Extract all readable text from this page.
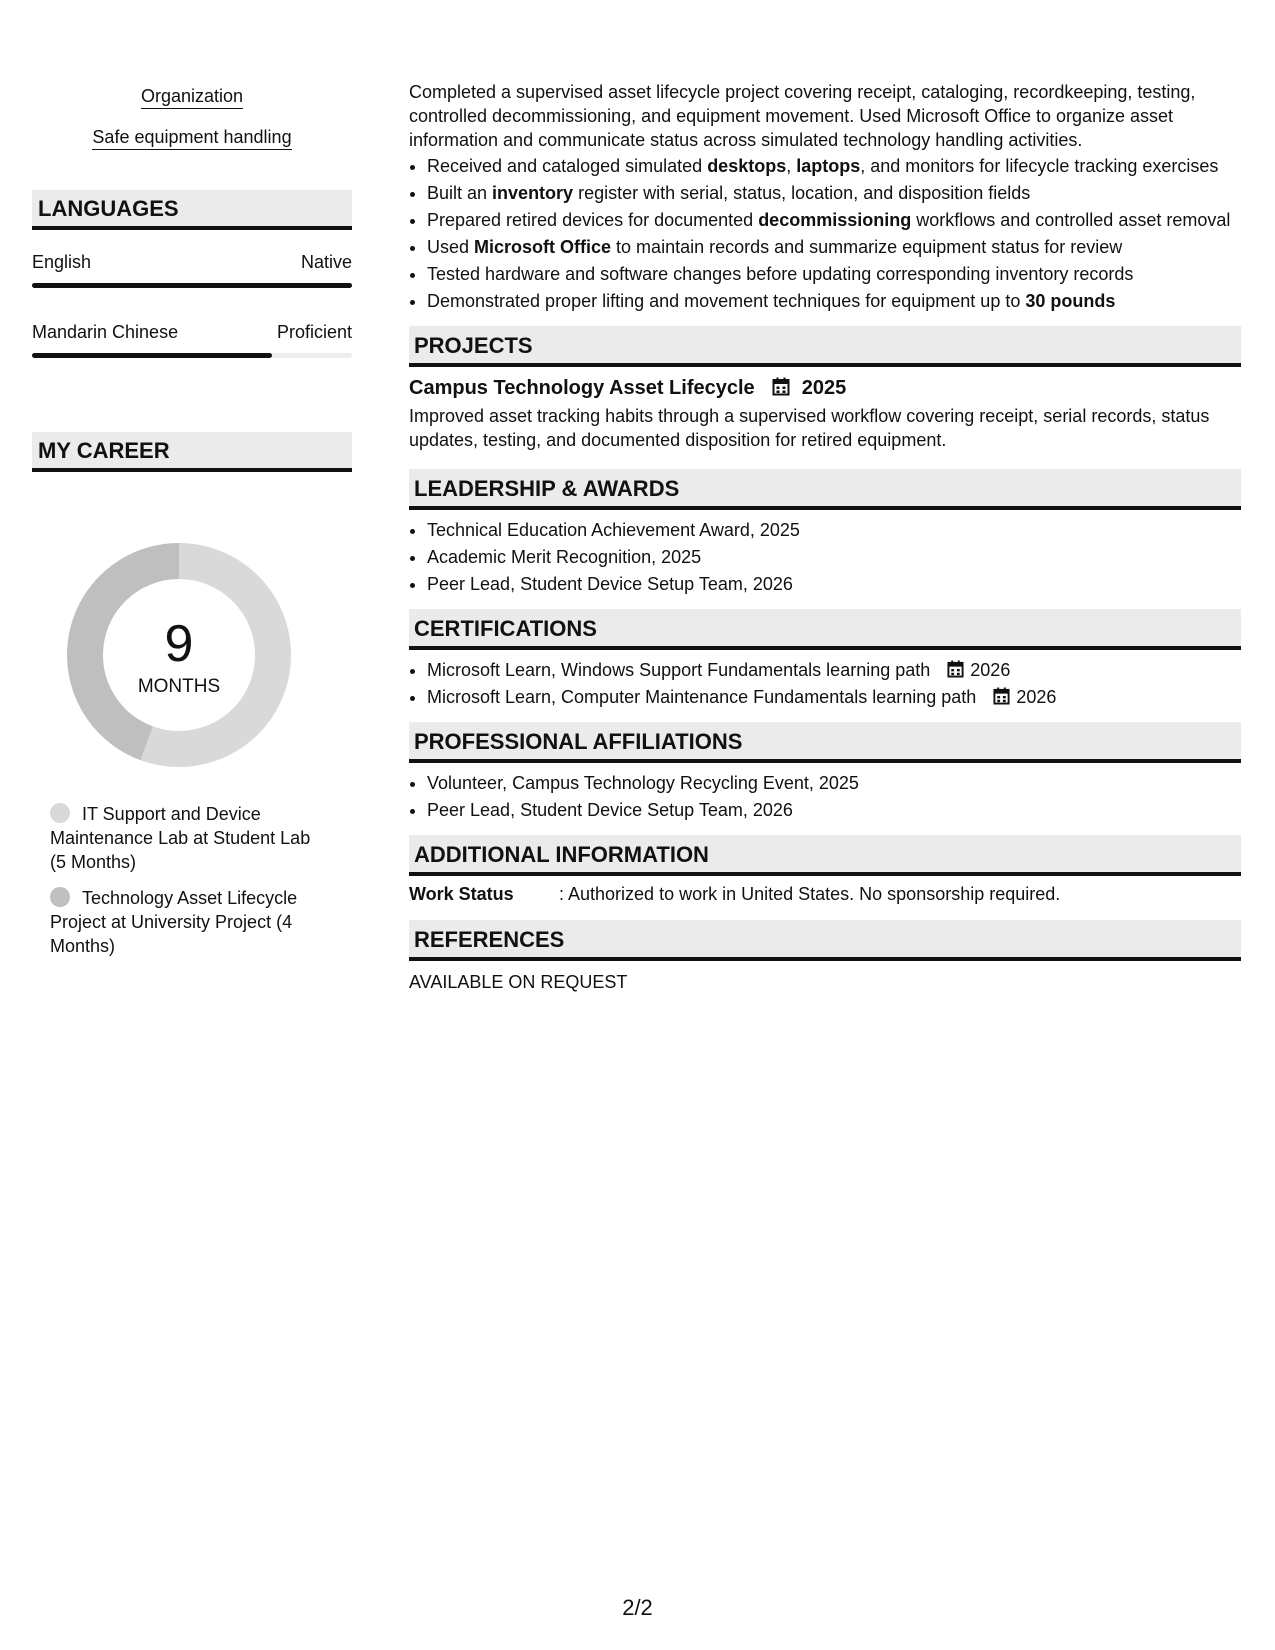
Organization
Safe equipment handling
LANGUAGES
English	Native
Mandarin Chinese	Proficient
MY CAREER
9
MONTHS
IT Support and Device Maintenance Lab at Student Lab (5 Months)
Technology Asset Lifecycle Project at University Project (4 Months)
Completed a supervised asset lifecycle project covering receipt, cataloging, recordkeeping, testing, controlled decommissioning, and equipment movement. Used Microsoft Office to organize asset information and communicate status across simulated technology handling activities.
• Received and cataloged simulated desktops, laptops, and monitors for lifecycle tracking exercises
• Built an inventory register with serial, status, location, and disposition fields
• Prepared retired devices for documented decommissioning workflows and controlled asset removal
• Used Microsoft Office to maintain records and summarize equipment status for review
• Tested hardware and software changes before updating corresponding inventory records
• Demonstrated proper lifting and movement techniques for equipment up to 30 pounds
PROJECTS
Campus Technology Asset Lifecycle 2025
Improved asset tracking habits through a supervised workflow covering receipt, serial records, status updates, testing, and documented disposition for retired equipment.
LEADERSHIP & AWARDS
• Technical Education Achievement Award, 2025
• Academic Merit Recognition, 2025
• Peer Lead, Student Device Setup Team, 2026
CERTIFICATIONS
• Microsoft Learn, Windows Support Fundamentals learning path 2026
• Microsoft Learn, Computer Maintenance Fundamentals learning path 2026
PROFESSIONAL AFFILIATIONS
• Volunteer, Campus Technology Recycling Event, 2025
• Peer Lead, Student Device Setup Team, 2026
ADDITIONAL INFORMATION
Work Status	: Authorized to work in United States. No sponsorship required.
REFERENCES
AVAILABLE ON REQUEST
2/2
